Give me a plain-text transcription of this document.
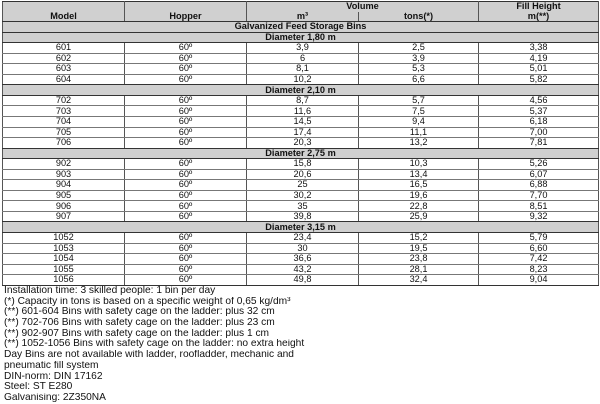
		Volume		Fill Height
Model	Hopper	m³	tons(*)	m(**)
Galvanized Feed Storage Bins				
Diameter 1,80 m				
601	60º	3,9	2,5	3,38
602	60º	6	3,9	4,19
603	60º	8,1	5,3	5,01
604	60º	10,2	6,6	5,82
Diameter 2,10 m				
702	60º	8,7	5,7	4,56
703	60º	11,6	7,5	5,37
704	60º	14,5	9,4	6,18
705	60º	17,4	11,1	7,00
706	60º	20,3	13,2	7,81
Diameter 2,75 m				
902	60º	15,8	10,3	5,26
903	60º	20,6	13,4	6,07
904	60º	25	16,5	6,88
905	60º	30,2	19,6	7,70
906	60º	35	22,8	8,51
907	60º	39,8	25,9	9,32
Diameter 3,15 m				
1052	60º	23,4	15,2	5,79
1053	60º	30	19,5	6,60
1054	60º	36,6	23,8	7,42
1055	60º	43,2	28,1	8,23
1056	60º	49,8	32,4	9,04
Installation time: 3 skilled people: 1 bin per day
(*) Capacity in tons is based on a specific weight of 0,65 kg/dm³
(**) 601-604 Bins with safety cage on the ladder: plus 32 cm
(**) 702-706 Bins with safety cage on the ladder: plus 23 cm
(**) 902-907 Bins with safety cage on the ladder: plus 1 cm
(**) 1052-1056 Bins with safety cage on the ladder: no extra height
Day Bins are not available with ladder, roofladder, mechanic and
pneumatic fill system
DIN-norm: DIN 17162
Steel: ST E280
Galvanising: 2Z350NA
